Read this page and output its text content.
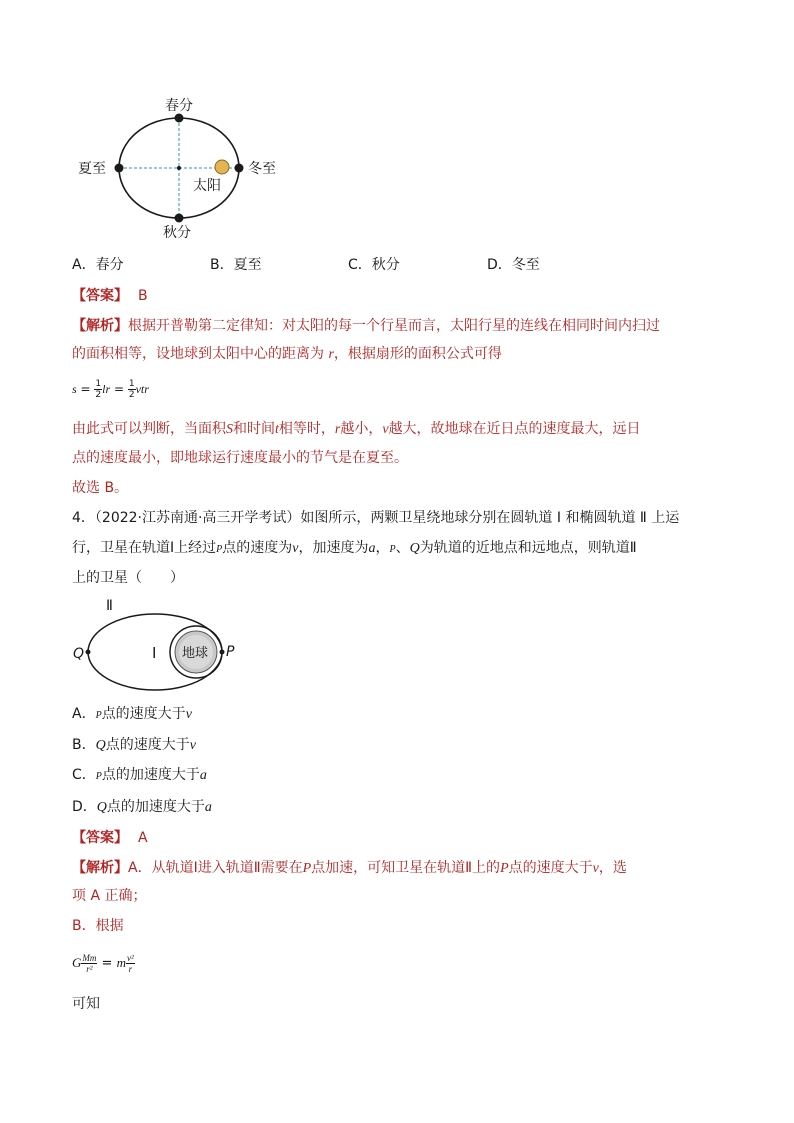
春分
秋分
夏至	冬至
太阳
A．春分	B．夏至	C．秋分	D．冬至
【答案】 B
【解析】根据开普勒第二定律知：对太阳的每一个行星而言，太阳行星的连线在相同时间内扫过
的面积相等，设地球到太阳中心的距离为 r，根据扇形的面积公式可得
$s = \frac{1}{2}$ lr = $\frac{1}{2}$ vtr
由此式可以判断，当面积S和时间t相等时，r越小，v越大，故地球在近日点的速度最大，远日
点的速度最小，即地球运行速度最小的节气是在夏至。
故选 B。
4．（2022·江苏南通·高三开学考试）如图所示，两颗卫星绕地球分别在圆轨道 Ⅰ 和椭圆轨道 Ⅱ 上运
行，卫星在轨道Ⅰ上经过P点的速度为v，加速度为a，P、Q为轨道的近地点和远地点，则轨道Ⅱ
上的卫星（　　）
Ⅱ
Ⅰ 地球 P
Q
A．P点的速度大于v
B．Q点的速度大于v
C．P点的加速度大于a
D．Q点的加速度大于a
【答案】 A
【解析】A．从轨道Ⅰ进入轨道Ⅱ需要在P点加速，可知卫星在轨道Ⅱ上的P点的速度大于v，选
项 A 正确；
B．根据
G $\frac{Mm}{\text{r²}} = m \frac{\text{v²}}{r}$
可知
